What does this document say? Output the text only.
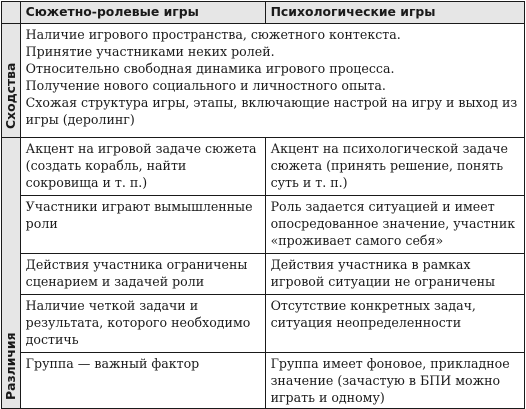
	Сюжетно-ролевые игры	Психологические игры

Сходства	Наличие игрового пространства, сюжетного контекста.

Принятие участниками неких ролей.

Относительно свободная динамика игрового процесса.

Получение нового социального и личностного опыта.

Схожая структура игры, этапы, включающие настрой на игру и выход из игры (деролинг)	

Различия	Акцент на игровой задаче сюжета (создать корабль, найти сокровища и т. п.)	Акцент на психологической задаче сюжета (принять решение, понять суть и т. п.)
	Участники играют вымышленные роли	Роль задается ситуацией и имеет опосредованное значение, участник «проживает самого себя»
	Действия участника ограничены сценарием и задачей роли	Действия участника в рамках игровой ситуации не ограничены
	Наличие четкой задачи и результата, которого необходимо достичь	Отсутствие конкретных задач, ситуация неопределенности
	Группа — важный фактор	Группа имеет фоновое, прикладное значение (зачастую в БПИ можно играть и одному)
